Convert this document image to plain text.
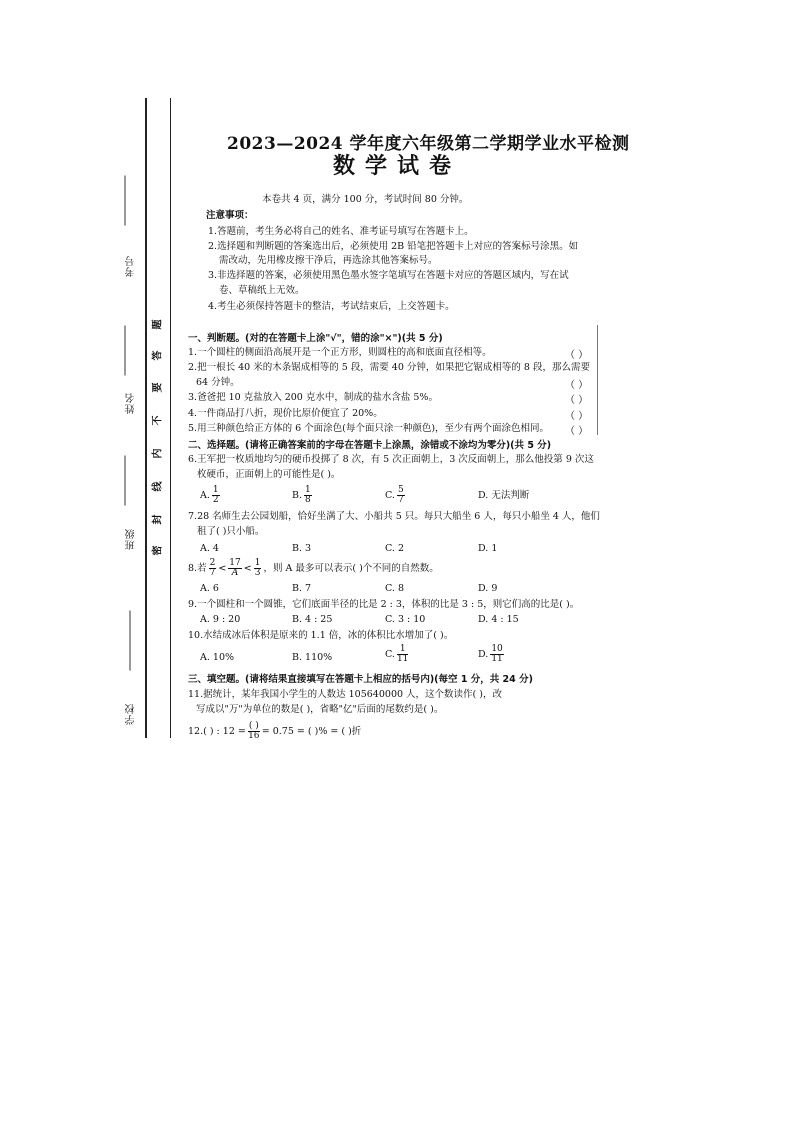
考号
姓名
班级
学校
题
答
要
不
内
线
封
密
2023—2024 学年度六年级第二学期学业水平检测
数学试卷
本卷共 4 页，满分 100 分，考试时间 80 分钟。
注意事项：
1.答题前，考生务必将自己的姓名、准考证号填写在答题卡上。
2.选择题和判断题的答案选出后，必须使用 2B 铅笔把答题卡上对应的答案标号涂黑。如
需改动，先用橡皮擦干净后，再选涂其他答案标号。
3.非选择题的答案，必须使用黑色墨水签字笔填写在答题卡对应的答题区域内，写在试
卷、草稿纸上无效。
4.考生必须保持答题卡的整洁，考试结束后，上交答题卡。
一、判断题。(对的在答题卡上涂"√"，错的涂"×")(共 5 分)
1.一个圆柱的侧面沿高展开是一个正方形，则圆柱的高和底面直径相等。	（ ）
2.把一根长 40 米的木条锯成相等的 5 段，需要 40 分钟，如果把它锯成相等的 8 段，那么需要
64 分钟。	（ ）
3.爸爸把 10 克盐放入 200 克水中，制成的盐水含盐 5%。	（ ）
4.一件商品打八折，现价比原价便宜了 20%。	（ ）
5.用三种颜色给正方体的 6 个面涂色(每个面只涂一种颜色)，至少有两个面涂色相同。 （ ）
二、选择题。(请将正确答案前的字母在答题卡上涂黑，涂错或不涂均为零分)(共 5 分)
6.王军把一枚质地均匀的硬币投掷了 8 次，有 5 次正面朝上，3 次反面朝上，那么他投第 9 次这
枚硬币，正面朝上的可能性是( )。
A. $\frac{1}{2}$	B. $\frac{1}{8}$	C. $\frac{5}{7}$	D. 无法判断
7.28 名师生去公园划船，恰好坐满了大、小船共 5 只。每只大船坐 6 人，每只小船坐 4 人，他们
租了( )只小船。
A. 4	B. 3	C. 2	D. 1
8.若 $\frac{2}{7} < \frac{17}{A} < \frac{1}{3}$ ，则 A 最多可以表示( )个不同的自然数。
A. 6	B. 7	C. 8	D. 9
9.一个圆柱和一个圆锥，它们底面半径的比是 2 : 3，体积的比是 3 : 5，则它们高的比是( )。
A. 9 : 20	B. 4 : 25	C. 3 : 10	D. 4 : 15
10.水结成冰后体积是原来的 1.1 倍，冰的体积比水增加了( )。
A. 10%	B. 110%	C. $\frac{1}{11}$	D. $\frac{10}{11}$
三、填空题。(请将结果直接填写在答题卡上相应的括号内)(每空 1 分，共 24 分)
11.据统计，某年我国小学生的人数达 105640000 人，这个数读作( )，改
写成以"万"为单位的数是( )，省略"亿"后面的尾数约是( )。
12.( ) : $12 = \frac{( )}{16} = 0.75$ = ( )% = ( )折
